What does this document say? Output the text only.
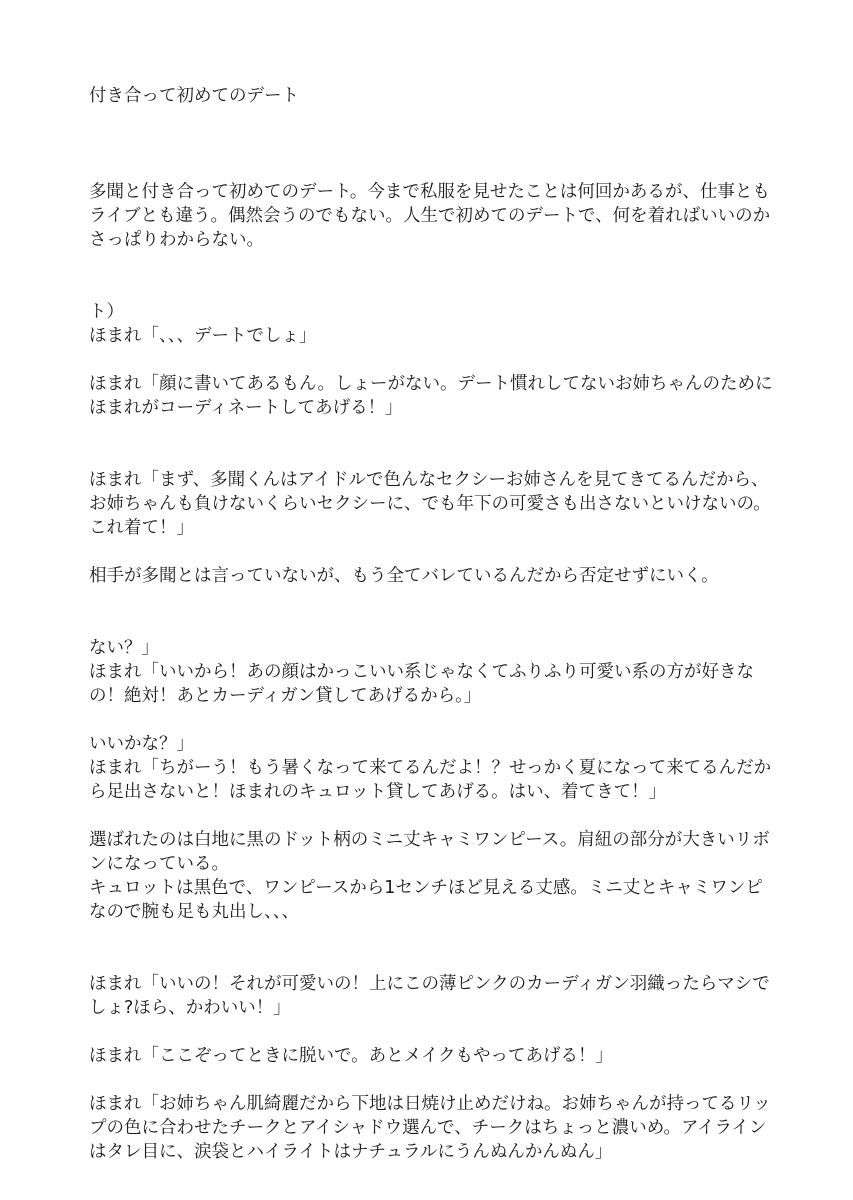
付き合って初めてのデート

多聞と付き合って初めてのデート。今まで私服を見せたことは何回かあるが、仕事とも
ライブとも違う。偶然会うのでもない。人生で初めてのデートで、何を着ればいいのか
さっぱりわからない。

ト）
ほまれ「、、、デートでしょ」

ほまれ「顔に書いてあるもん。しょーがない。デート慣れしてないお姉ちゃんのために
ほまれがコーディネートしてあげる！」

ほまれ「まず、多聞くんはアイドルで色んなセクシーお姉さんを見てきてるんだから、
お姉ちゃんも負けないくらいセクシーに、でも年下の可愛さも出さないといけないの。
これ着て！」
相手が多聞とは言っていないが、もう全てバレているんだから否定せずにいく。

ない？」
ほまれ「いいから！あの顔はかっこいい系じゃなくてふりふり可愛い系の方が好きな
の！絶対！あとカーディガン貸してあげるから。」

いいかな？」
ほまれ「ちがーう！もう暑くなって来てるんだよ！？せっかく夏になって来てるんだか
ら足出さないと！ほまれのキュロット貸してあげる。はい、着てきて！」
選ばれたのは白地に黒のドット柄のミニ丈キャミワンピース。肩紐の部分が大きいリボ
ンになっている。
キュロットは黒色で、ワンピースから1センチほど見える丈感。ミニ丈とキャミワンピ
なので腕も足も丸出し、、、

ほまれ「いいの！それが可愛いの！上にこの薄ピンクのカーディガン羽織ったらマシで
しょ?ほら、かわいい！」

ほまれ「ここぞってときに脱いで。あとメイクもやってあげる！」

ほまれ「お姉ちゃん肌綺麗だから下地は日焼け止めだけね。お姉ちゃんが持ってるリッ
プの色に合わせたチークとアイシャドウ選んで、チークはちょっと濃いめ。アイライン
はタレ目に、涙袋とハイライトはナチュラルにうんぬんかんぬん」
